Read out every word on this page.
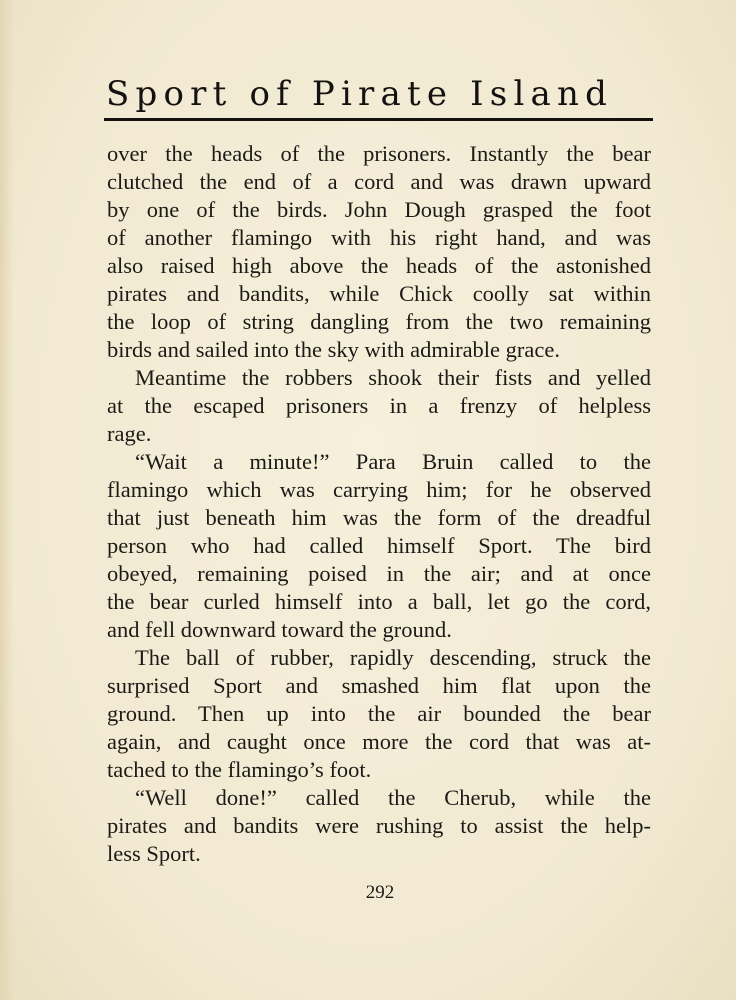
Sport of Pirate Island
over the heads of the prisoners. Instantly the bear
clutched the end of a cord and was drawn upward
by one of the birds. John Dough grasped the foot
of another flamingo with his right hand, and was
also raised high above the heads of the astonished
pirates and bandits, while Chick coolly sat within
the loop of string dangling from the two remaining
birds and sailed into the sky with admirable grace.
Meantime the robbers shook their fists and yelled
at the escaped prisoners in a frenzy of helpless
rage.
“Wait a minute!” Para Bruin called to the
flamingo which was carrying him; for he observed
that just beneath him was the form of the dreadful
person who had called himself Sport. The bird
obeyed, remaining poised in the air; and at once
the bear curled himself into a ball, let go the cord,
and fell downward toward the ground.
The ball of rubber, rapidly descending, struck the
surprised Sport and smashed him flat upon the
ground. Then up into the air bounded the bear
again, and caught once more the cord that was at-
tached to the flamingo’s foot.
“Well done!” called the Cherub, while the
pirates and bandits were rushing to assist the help-
less Sport.
292
